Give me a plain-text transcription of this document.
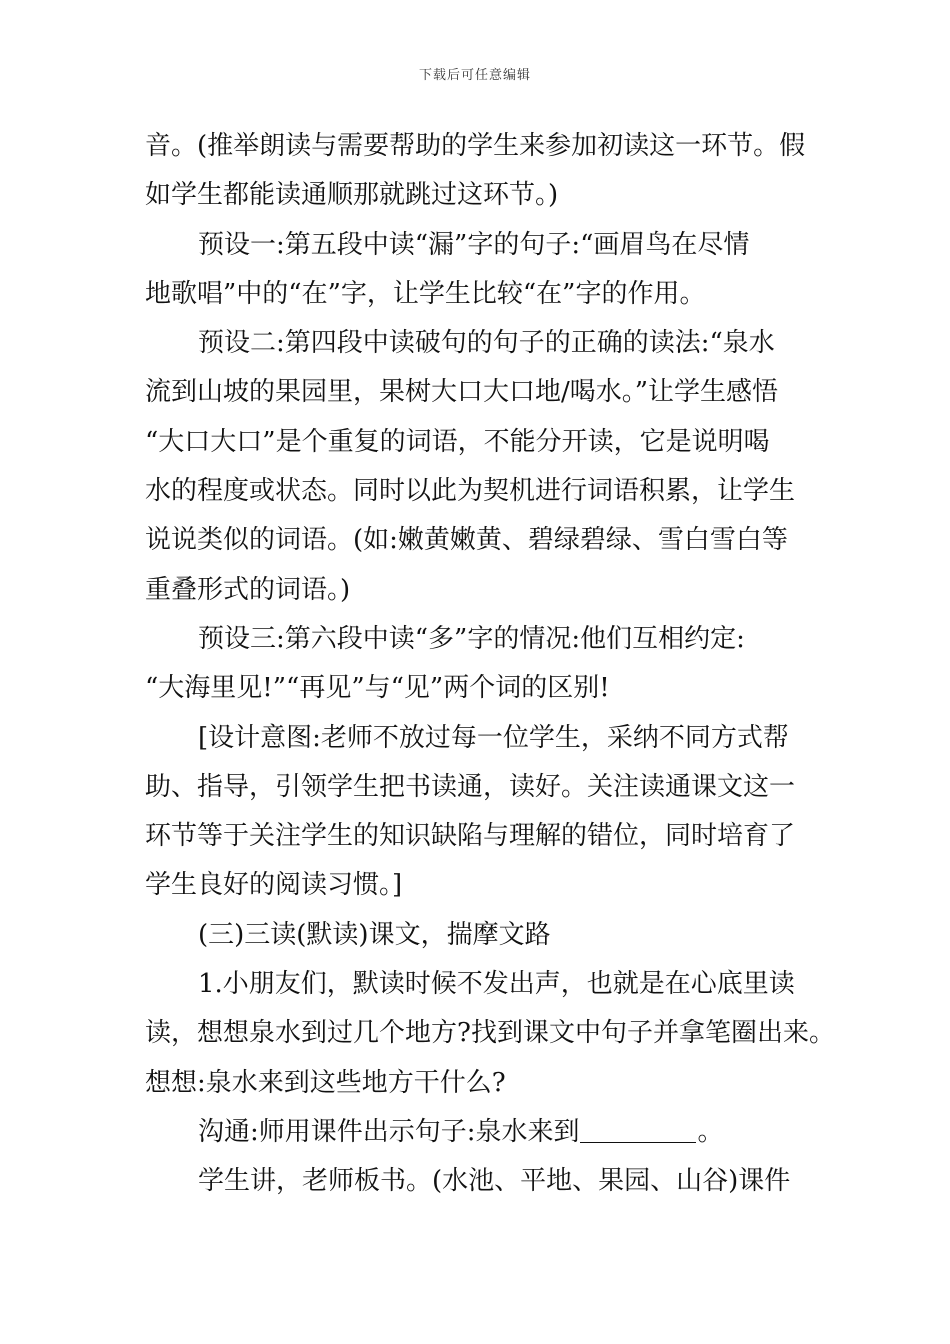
下载后可任意编辑
音。(推举朗读与需要帮助的学生来参加初读这一环节。假
如学生都能读通顺那就跳过这环节。)
预设一:第五段中读“漏”字的句子:“画眉鸟在尽情
地歌唱”中的“在”字，让学生比较“在”字的作用。
预设二:第四段中读破句的句子的正确的读法:“泉水
流到山坡的果园里，果树大口大口地/喝水。”让学生感悟
“大口大口”是个重复的词语，不能分开读，它是说明喝
水的程度或状态。同时以此为契机进行词语积累，让学生
说说类似的词语。(如:嫩黄嫩黄、碧绿碧绿、雪白雪白等
重叠形式的词语。)
预设三:第六段中读“多”字的情况:他们互相约定:
“大海里见!”“再见”与“见”两个词的区别!
[设计意图:老师不放过每一位学生，采纳不同方式帮
助、指导，引领学生把书读通，读好。关注读通课文这一
环节等于关注学生的知识缺陷与理解的错位，同时培育了
学生良好的阅读习惯。]
(三)三读(默读)课文，揣摩文路
1.小朋友们，默读时候不发出声，也就是在心底里读
读，想想泉水到过几个地方?找到课文中句子并拿笔圈出来。
想想:泉水来到这些地方干什么?
沟通:师用课件出示句子:泉水来到	。
学生讲，老师板书。(水池、平地、果园、山谷)课件
